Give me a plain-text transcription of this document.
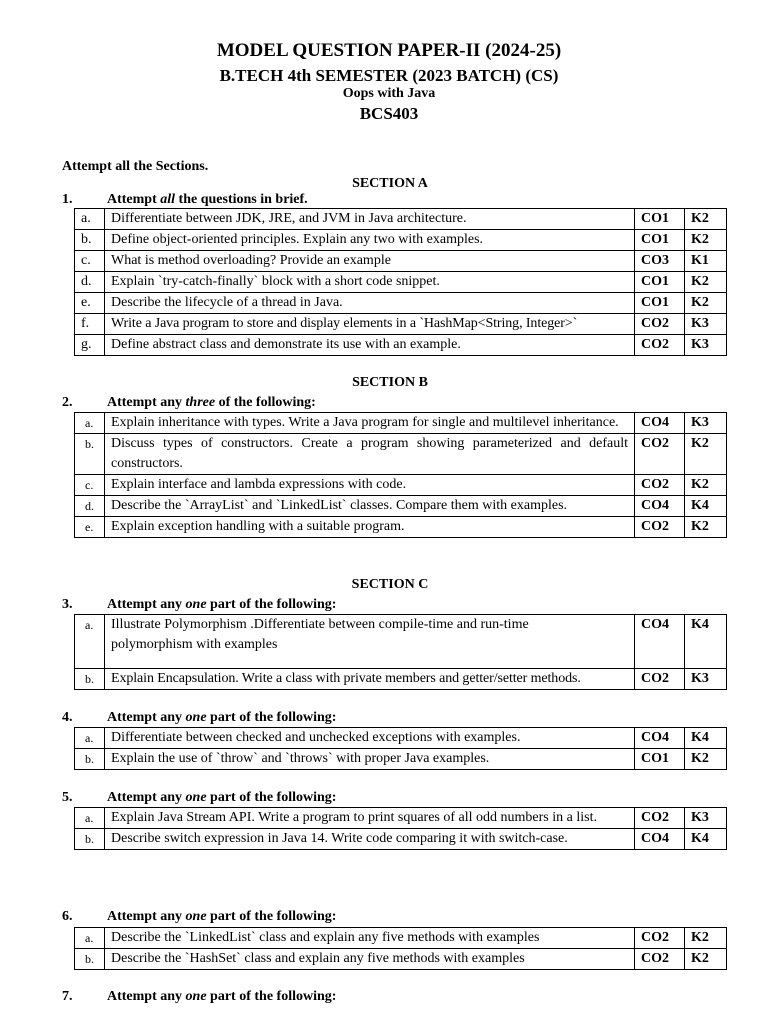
MODEL QUESTION PAPER-II (2024-25)
B.TECH 4th SEMESTER (2023 BATCH) (CS)
Oops with Java
BCS403
Attempt all the Sections.
SECTION A
1. Attempt all the questions in brief.
a.	Differentiate between JDK, JRE, and JVM in Java architecture.	CO1	K2
b.	Define object-oriented principles. Explain any two with examples.	CO1	K2
c.	What is method overloading? Provide an example	CO3	K1
d.	Explain `try-catch-finally` block with a short code snippet.	CO1	K2
e.	Describe the lifecycle of a thread in Java.	CO1	K2
f.	Write a Java program to store and display elements in a `HashMap<String, Integer>`	CO2	K3
g.	Define abstract class and demonstrate its use with an example.	CO2	K3
SECTION B
2. Attempt any three of the following:
a.	Explain inheritance with types. Write a Java program for single and multilevel inheritance.	CO4	K3
b.	Discuss types of constructors. Create a program showing parameterized and default constructors.	CO2	K2
c.	Explain interface and lambda expressions with code.	CO2	K2
d.	Describe the `ArrayList` and `LinkedList` classes. Compare them with examples.	CO4	K4
e.	Explain exception handling with a suitable program.	CO2	K2
SECTION C
3. Attempt any one part of the following:
a.	Illustrate Polymorphism .Differentiate between compile-time and run-time polymorphism with examples	CO4	K4
b.	Explain Encapsulation. Write a class with private members and getter/setter methods.	CO2	K3
4. Attempt any one part of the following:
a.	Differentiate between checked and unchecked exceptions with examples.	CO4	K4
b.	Explain the use of `throw` and `throws` with proper Java examples.	CO1	K2
5. Attempt any one part of the following:
a.	Explain Java Stream API. Write a program to print squares of all odd numbers in a list.	CO2	K3
b.	Describe switch expression in Java 14. Write code comparing it with switch-case.	CO4	K4
6. Attempt any one part of the following:
a.	Describe the `LinkedList` class and explain any five methods with examples	CO2	K2
b.	Describe the `HashSet` class and explain any five methods with examples	CO2	K2
7. Attempt any one part of the following:
